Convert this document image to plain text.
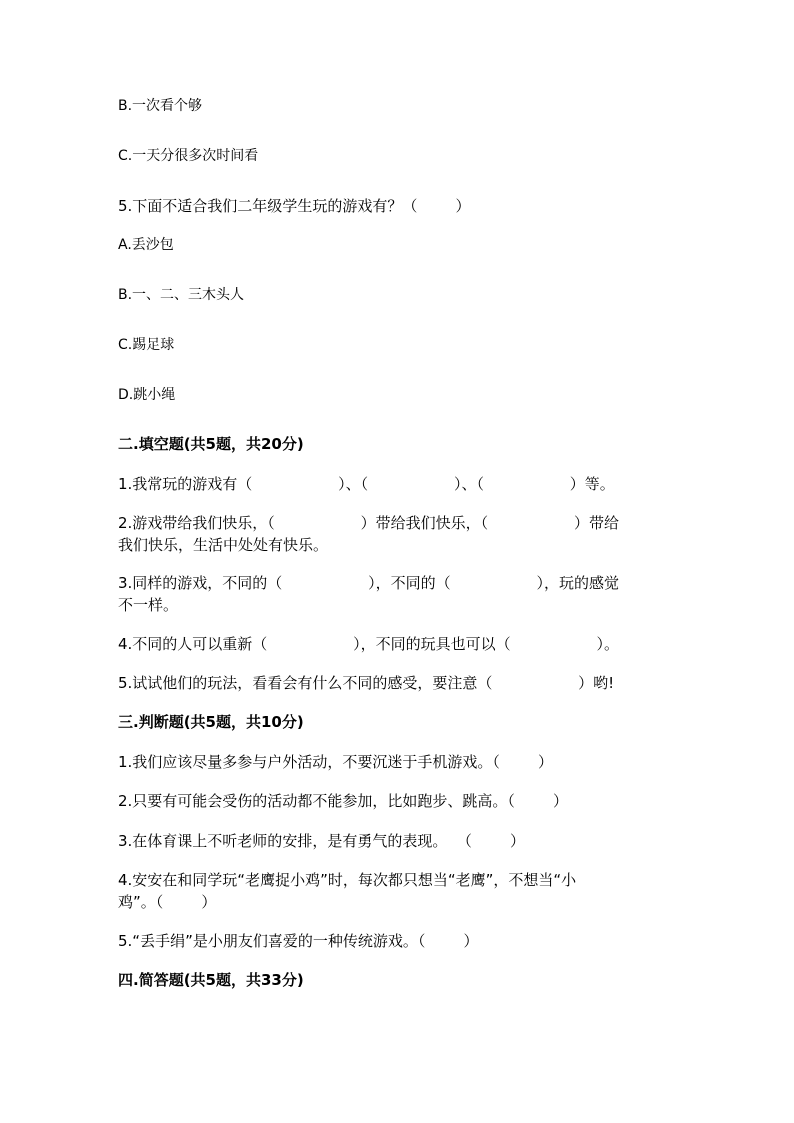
B.一次看个够
C.一天分很多次时间看
5.下面不适合我们二年级学生玩的游戏有？（        ）
A.丢沙包
B.一、二、三木头人
C.踢足球
D.跳小绳
二.填空题(共5题，共20分)
1.我常玩的游戏有（                  ）、（                  ）、（                  ）等。
2.游戏带给我们快乐，（                  ）带给我们快乐，（                  ）带给
我们快乐，生活中处处有快乐。
3.同样的游戏，不同的（                  ），不同的（                  ），玩的感觉
不一样。
4.不同的人可以重新（                  ），不同的玩具也可以（                  ）。
5.试试他们的玩法，看看会有什么不同的感受，要注意（                  ）哟!
三.判断题(共5题，共10分)
1.我们应该尽量多参与户外活动，不要沉迷于手机游戏。（        ）
2.只要有可能会受伤的活动都不能参加，比如跑步、跳高。（        ）
3.在体育课上不听老师的安排，是有勇气的表现。  （        ）
4.安安在和同学玩“老鹰捉小鸡”时，每次都只想当“老鹰”，不想当“小
鸡”。（        ）
5.“丢手绢”是小朋友们喜爱的一种传统游戏。（        ）
四.简答题(共5题，共33分)
